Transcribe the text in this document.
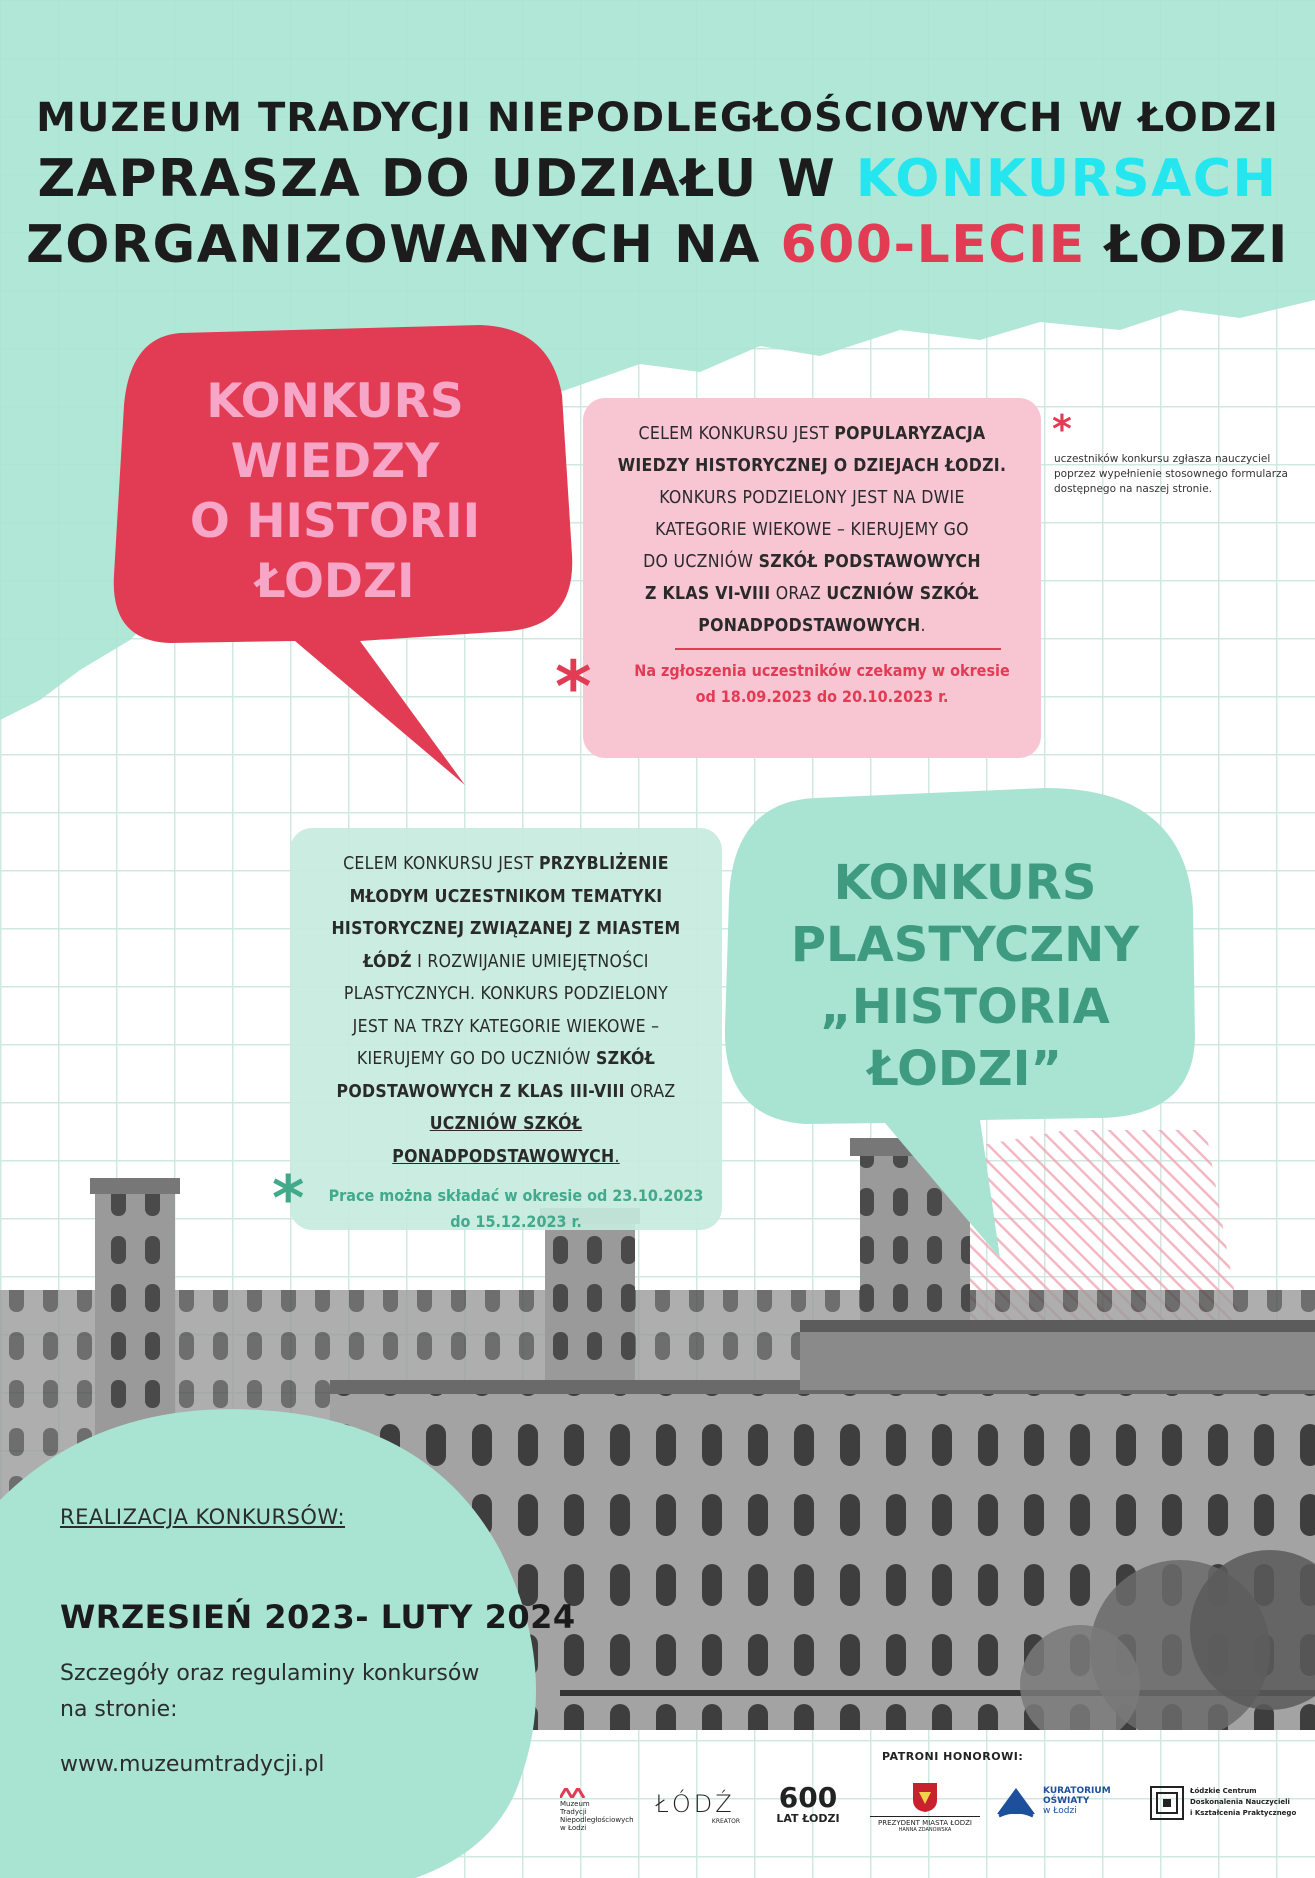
MUZEUM TRADYCJI NIEPODLEGŁOŚCIOWYCH W ŁODZI
ZAPRASZA DO UDZIAŁU W KONKURSACH
ZORGANIZOWANYCH NA 600-LECIE ŁODZI
KONKURS
WIEDZY
O HISTORII
ŁODZI

CELEM KONKURSU JEST POPULARYZACJA

WIEDZY HISTORYCZNEJ O DZIEJACH ŁODZI.

KONKURS PODZIELONY JEST NA DWIE

KATEGORIE WIEKOWE – KIERUJEMY GO

DO UCZNIÓW SZKÓŁ PODSTAWOWYCH

Z KLAS VI-VIII ORAZ UCZNIÓW SZKÓŁ

PONADPODSTAWOWYCH.

Na zgłoszenia uczestników czekamy w okresie
od 18.09.2023 do 20.10.2023 r.
*
*
uczestników konkursu zgłasza nauczyciel poprzez wypełnienie stosownego formularza dostępnego na naszej stronie.

CELEM KONKURSU JEST PRZYBLIŻENIE

MŁODYM UCZESTNIKOM TEMATYKI

HISTORYCZNEJ ZWIĄZANEJ Z MIASTEM

ŁÓDŹ I ROZWIJANIE UMIEJĘTNOŚCI

PLASTYCZNYCH. KONKURS PODZIELONY

JEST NA TRZY KATEGORIE WIEKOWE –

KIERUJEMY GO DO UCZNIÓW SZKÓŁ

PODSTAWOWYCH Z KLAS III-VIII ORAZ

UCZNIÓW SZKÓŁ PONADPODSTAWOWYCH.

Prace można składać w okresie od 23.10.2023
do 15.12.2023 r.
*
KONKURS
PLASTYCZNY
„HISTORIA
ŁODZI”
REALIZACJA KONKURSÓW:
WRZESIEŃ 2023- LUTY 2024
Szczegóły oraz regulaminy konkursów
na stronie:
www.muzeumtradycji.pl	PATRONI HONOROWI:
Muzeum
Tradycji
Niepodległościowych
w Łodzi
ŁÓDŹ
KREATOR
600
LAT ŁODZI	PREZYDENT MIASTA ŁODZI
HANNA ZDANOWSKA
KURATORIUM
OŚWIATY
w Łodzi
Łódzkie Centrum
Doskonalenia Nauczycieli
i Kształcenia Praktycznego
